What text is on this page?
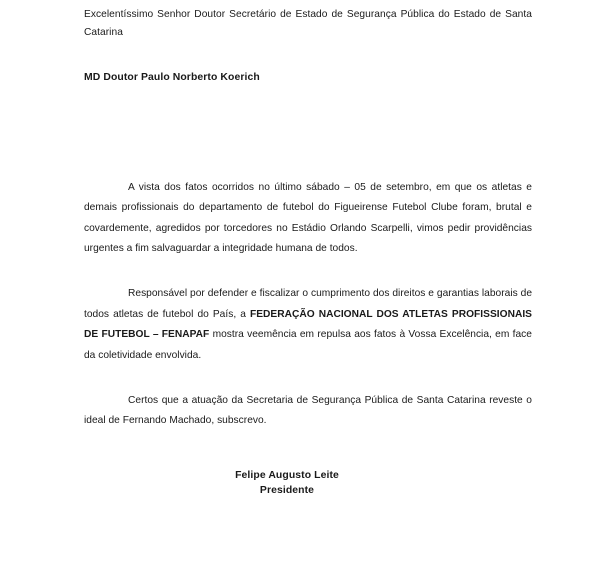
Excelentíssimo Senhor Doutor Secretário de Estado de Segurança Pública do Estado de Santa Catarina

MD Doutor Paulo Norberto Koerich

A vista dos fatos ocorridos no último sábado – 05 de setembro, em que os atletas e demais profissionais do departamento de futebol do Figueirense Futebol Clube foram, brutal e covardemente, agredidos por torcedores no Estádio Orlando Scarpelli, vimos pedir providências urgentes a fim salvaguardar a integridade humana de todos.

Responsável por defender e fiscalizar o cumprimento dos direitos e garantias laborais de todos atletas de futebol do País, a FEDERAÇÃO NACIONAL DOS ATLETAS PROFISSIONAIS DE FUTEBOL – FENAPAF mostra veemência em repulsa aos fatos à Vossa Excelência, em face da coletividade envolvida.

Certos que a atuação da Secretaria de Segurança Pública de Santa Catarina reveste o ideal de Fernando Machado, subscrevo.

Felipe Augusto Leite
Presidente
